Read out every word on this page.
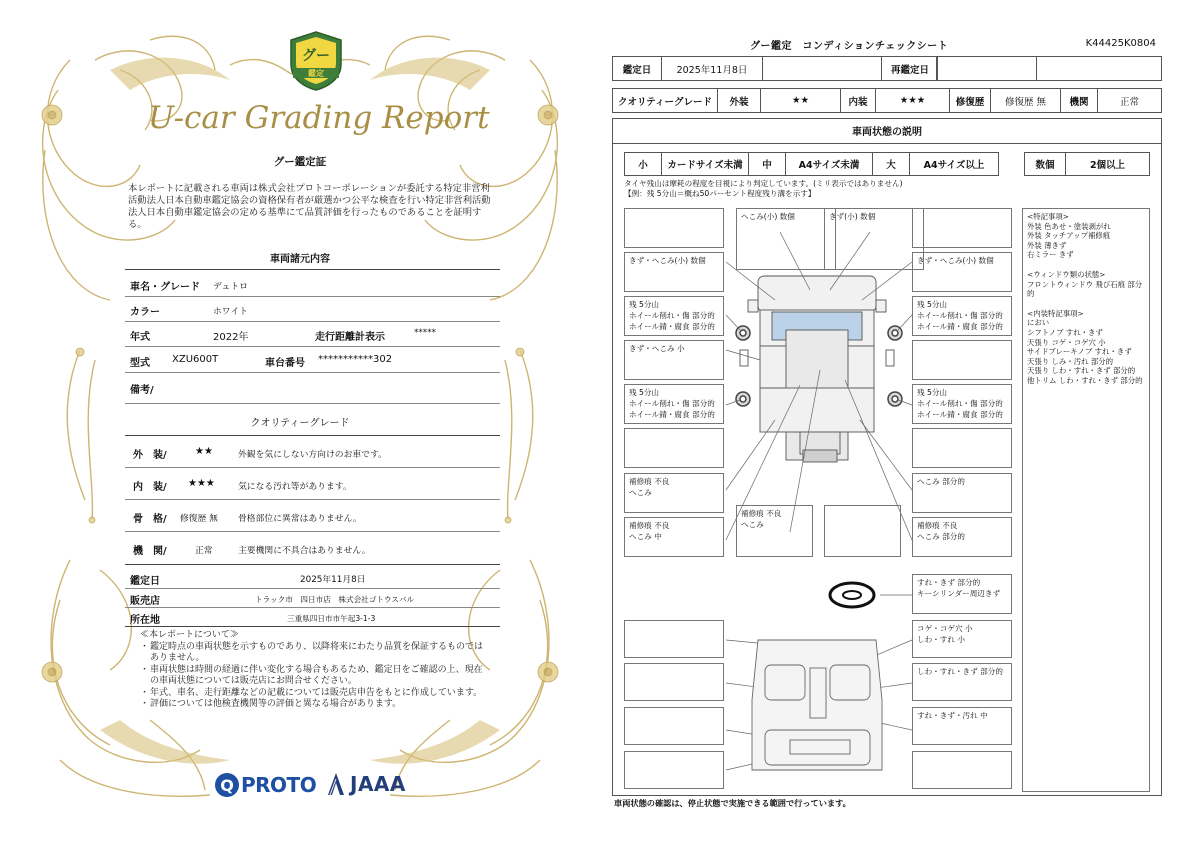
グー
鑑定
U-car Grading Report
グー鑑定証
本レポートに記載される車両は株式会社プロトコーポレーションが委託する特定非営利活動法人日本自動車鑑定協会の資格保有者が厳選かつ公平な検査を行い特定非営利活動法人日本自動車鑑定協会の定める基準にて品質評価を行ったものであることを証明する。
車両諸元内容
車名・グレード デュトロ
カラー	ホワイト
年式	2022年	走行距離計表示	*****
型式 XZU600T	車台番号 ***********302
備考/
クオリティーグレード
外　装/	★★	外観を気にしない方向けのお車です。
内　装/ ★★★	気になる汚れ等があります。
骨　格/ 修復歴 無 骨格部位に異常はありません。
機　関/	正常	主要機関に不具合はありません。
鑑定日	2025年11月8日
販売店	トラック市　四日市店　株式会社ゴトウスバル
所在地	三重県四日市市午起3-1-3
≪本レポートについて≫
・ 鑑定時点の車両状態を示すものであり、以降将来にわたり品質を保証するものではありません。
・ 車両状態は時間の経過に伴い変化する場合もあるため、鑑定日をご確認の上、現在の車両状態については販売店にお問合せください。
・ 年式、車名、走行距離などの記載については販売店申告をもとに作成しています。
・ 評価については他検査機関等の評価と異なる場合があります。
Q PROTO JAAA
グー鑑定　コンディションチェックシート	K44425K0804
鑑定日	2025年11月8日	再鑑定日
クオリティーグレード	外装	★★	内装	★★★	修復歴	修復歴 無	機関	正常
車両状態の説明
小	カードサイズ未満	中	A4サイズ未満	大	A4サイズ以上	数個	2個以上
タイヤ残山は摩耗の程度を目視により判定しています。(ミリ表示ではありません)
【例：残 5分山＝概ね50パーセント程度残り溝を示す】
へこみ(小) 数個	きず(小) 数個
きず・へこみ(小) 数個	きず・へこみ(小) 数個
残 5分山
ホイール削れ・傷 部分的
ホイール錆・腐食 部分的
残 5分山
ホイール削れ・傷 部分的
ホイール錆・腐食 部分的
きず・へこみ 小
残 5分山
ホイール削れ・傷 部分的
ホイール錆・腐食 部分的
残 5分山
ホイール削れ・傷 部分的
ホイール錆・腐食 部分的
補修痕 不良
へこみ
へこみ 部分的
補修痕 不良
へこみ 中
補修痕 不良
へこみ	補修痕 不良
へこみ 部分的
すれ・きず 部分的
キーシリンダー周辺きず
コゲ・コゲ穴 小
しわ・すれ 小
しわ・すれ・きず 部分的
すれ・きず・汚れ 中
<特記事項>
外装 色あせ・塗装剥がれ
外装 タッチアップ補修痕
外装 薄きず
右ミラー きず
<ウィンドウ類の状態>
フロントウィンドウ 飛び石痕 部分的
<内装特記事項>
におい
シフトノブ すれ・きず
天張り コゲ・コゲ穴 小
サイドブレーキノブ すれ・きず
天張り しみ・汚れ 部分的
天張り しわ・すれ・きず 部分的
他トリム しわ・すれ・きず 部分的
車両状態の確認は、停止状態で実施できる範囲で行っています。
